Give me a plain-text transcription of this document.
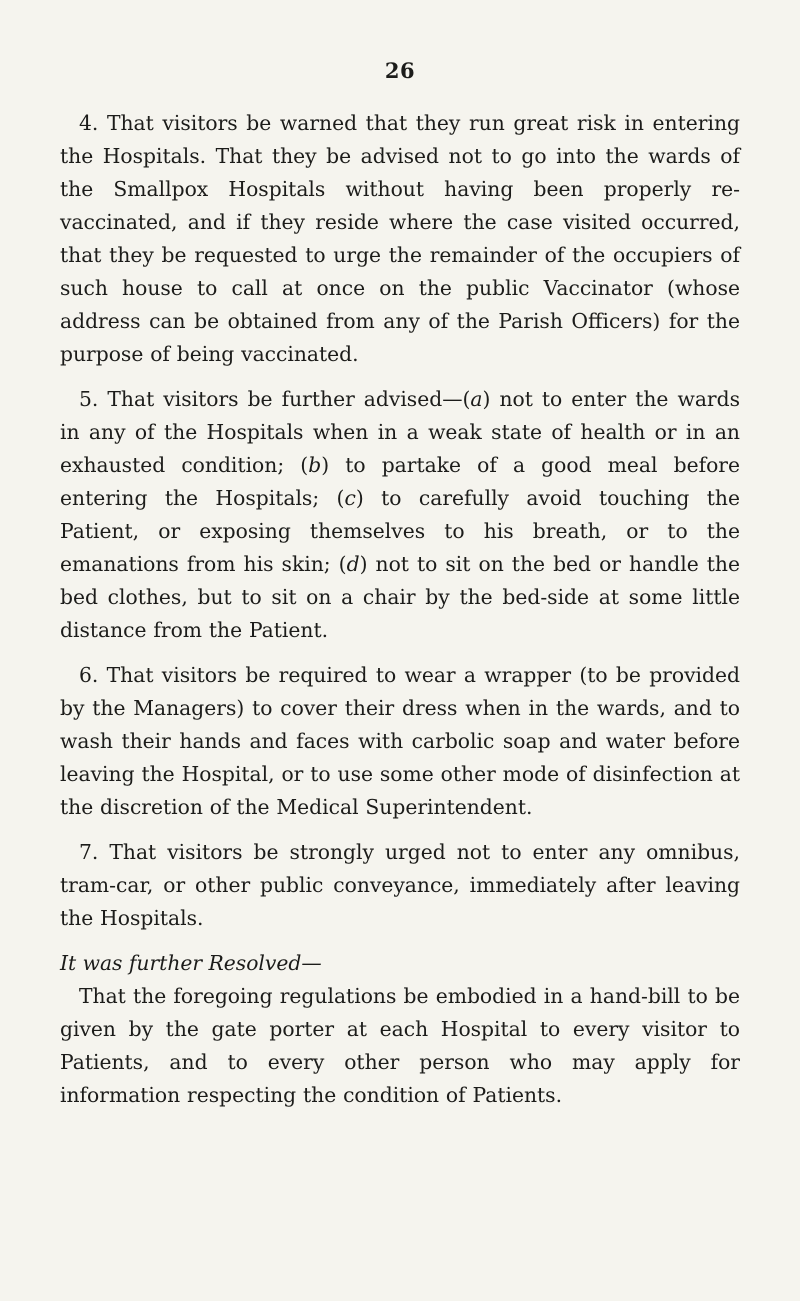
26

4. That visitors be warned that they run great risk in entering the Hospitals. That they be advised not to go into the wards of the Smallpox Hospitals without having been properly re-vaccinated, and if they reside where the case visited occurred, that they be requested to urge the remainder of the occupiers of such house to call at once on the public Vaccinator (whose address can be obtained from any of the Parish Officers) for the purpose of being vaccinated.

5. That visitors be further advised—(a) not to enter the wards in any of the Hospitals when in a weak state of health or in an exhausted condition; (b) to partake of a good meal before entering the Hospitals; (c) to carefully avoid touching the Patient, or exposing themselves to his breath, or to the emanations from his skin; (d) not to sit on the bed or handle the bed clothes, but to sit on a chair by the bed-side at some little distance from the Patient.

6. That visitors be required to wear a wrapper (to be provided by the Managers) to cover their dress when in the wards, and to wash their hands and faces with carbolic soap and water before leaving the Hospital, or to use some other mode of disinfection at the discretion of the Medical Superintendent.

7. That visitors be strongly urged not to enter any omnibus, tram-car, or other public conveyance, immediately after leaving the Hospitals.

It was further Resolved—

That the foregoing regulations be embodied in a hand-bill to be given by the gate porter at each Hospital to every visitor to Patients, and to every other person who may apply for information respecting the condition of Patients.
